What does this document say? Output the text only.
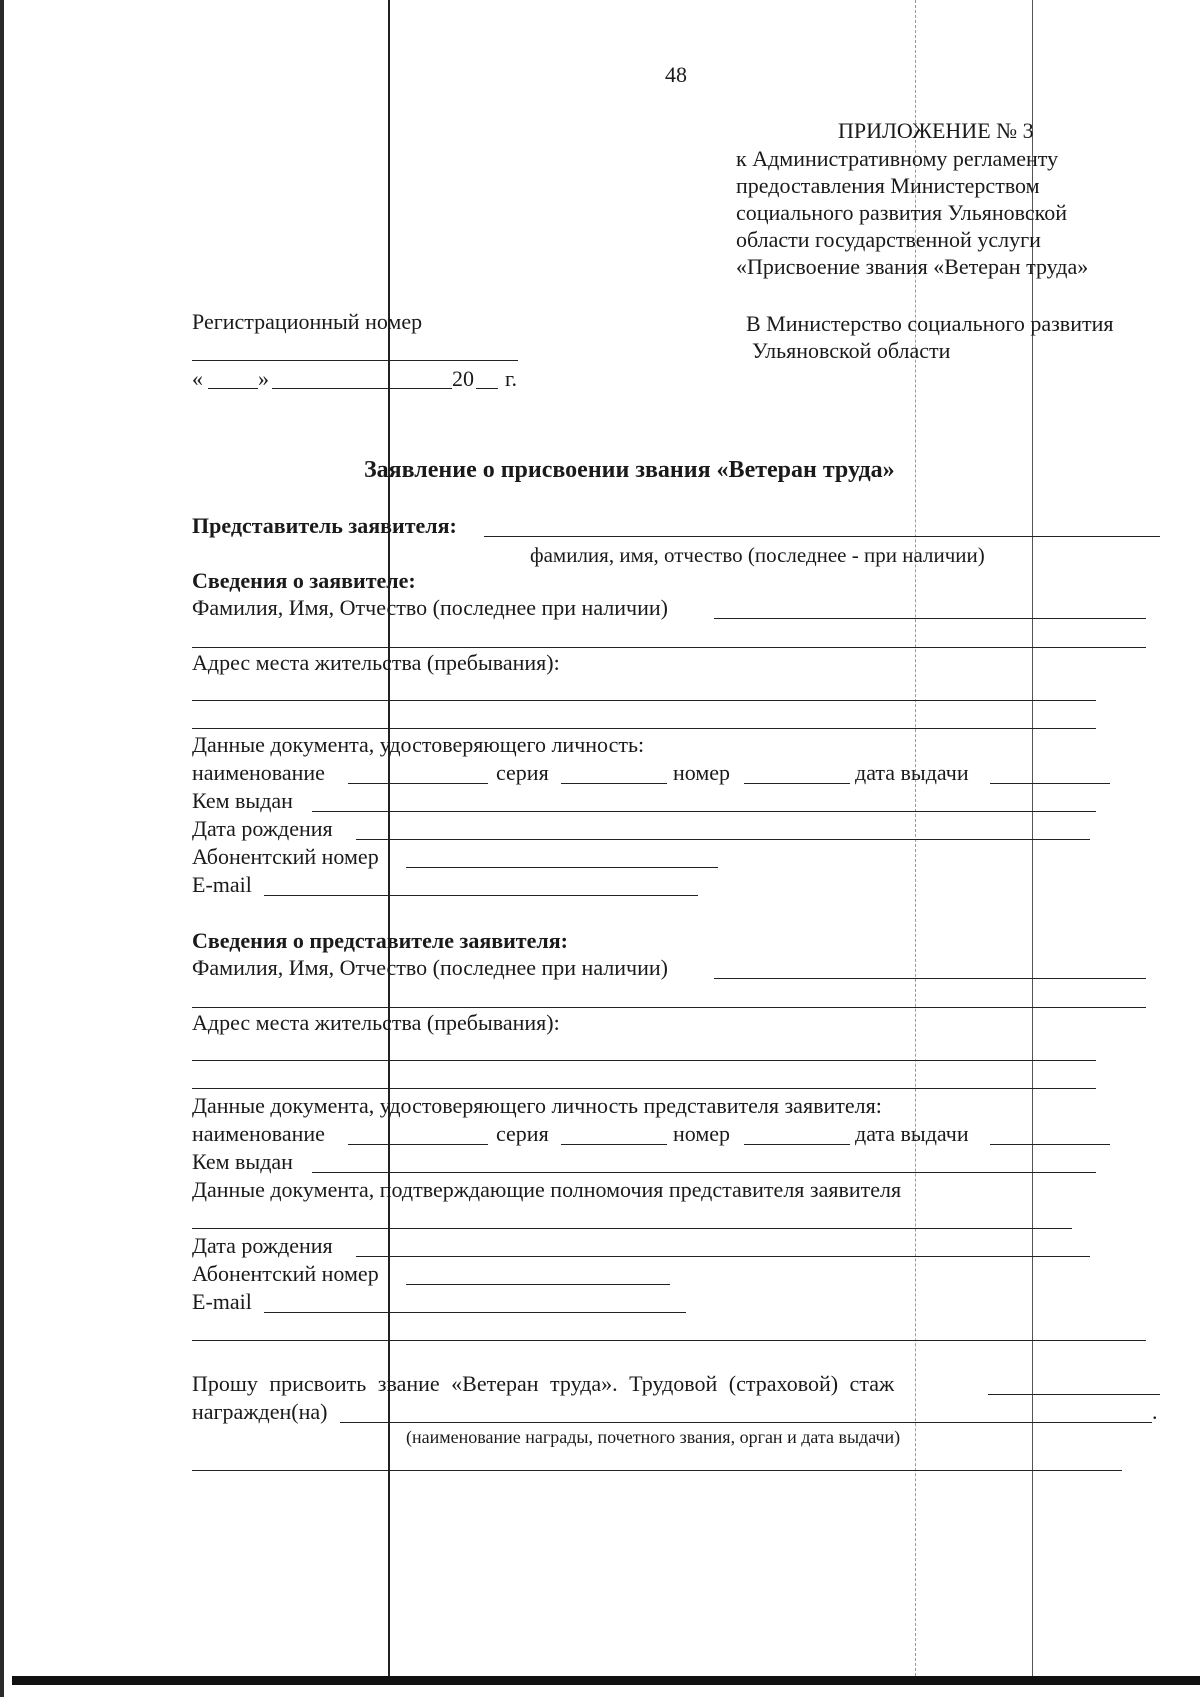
48
ПРИЛОЖЕНИЕ № 3
к Административному регламенту
предоставления Министерством
социального развития Ульяновской
области государственной услуги
«Присвоение звания «Ветеран труда»
Регистрационный номер
«	»	20 г.
В Министерство социального развития
Ульяновской области
Заявление о присвоении звания «Ветеран труда»
Представитель заявителя:
фамилия, имя, отчество (последнее - при наличии)
Сведения о заявителе:
Фамилия, Имя, Отчество (последнее при наличии)
Адрес места жительства (пребывания):
Данные документа, удостоверяющего личность:
наименование	серия	номер	дата выдачи
Кем выдан
Дата рождения
Абонентский номер
E-mail
Сведения о представителе заявителя:
Фамилия, Имя, Отчество (последнее при наличии)
Адрес места жительства (пребывания):
Данные документа, удостоверяющего личность представителя заявителя:
наименование	серия	номер	дата выдачи
Кем выдан
Данные документа, подтверждающие полномочия представителя заявителя
Дата рождения
Абонентский номер
E-mail
Прошу присвоить звание «Ветеран труда». Трудовой (страховой) стаж
награжден(на)	.
(наименование награды, почетного звания, орган и дата выдачи)
